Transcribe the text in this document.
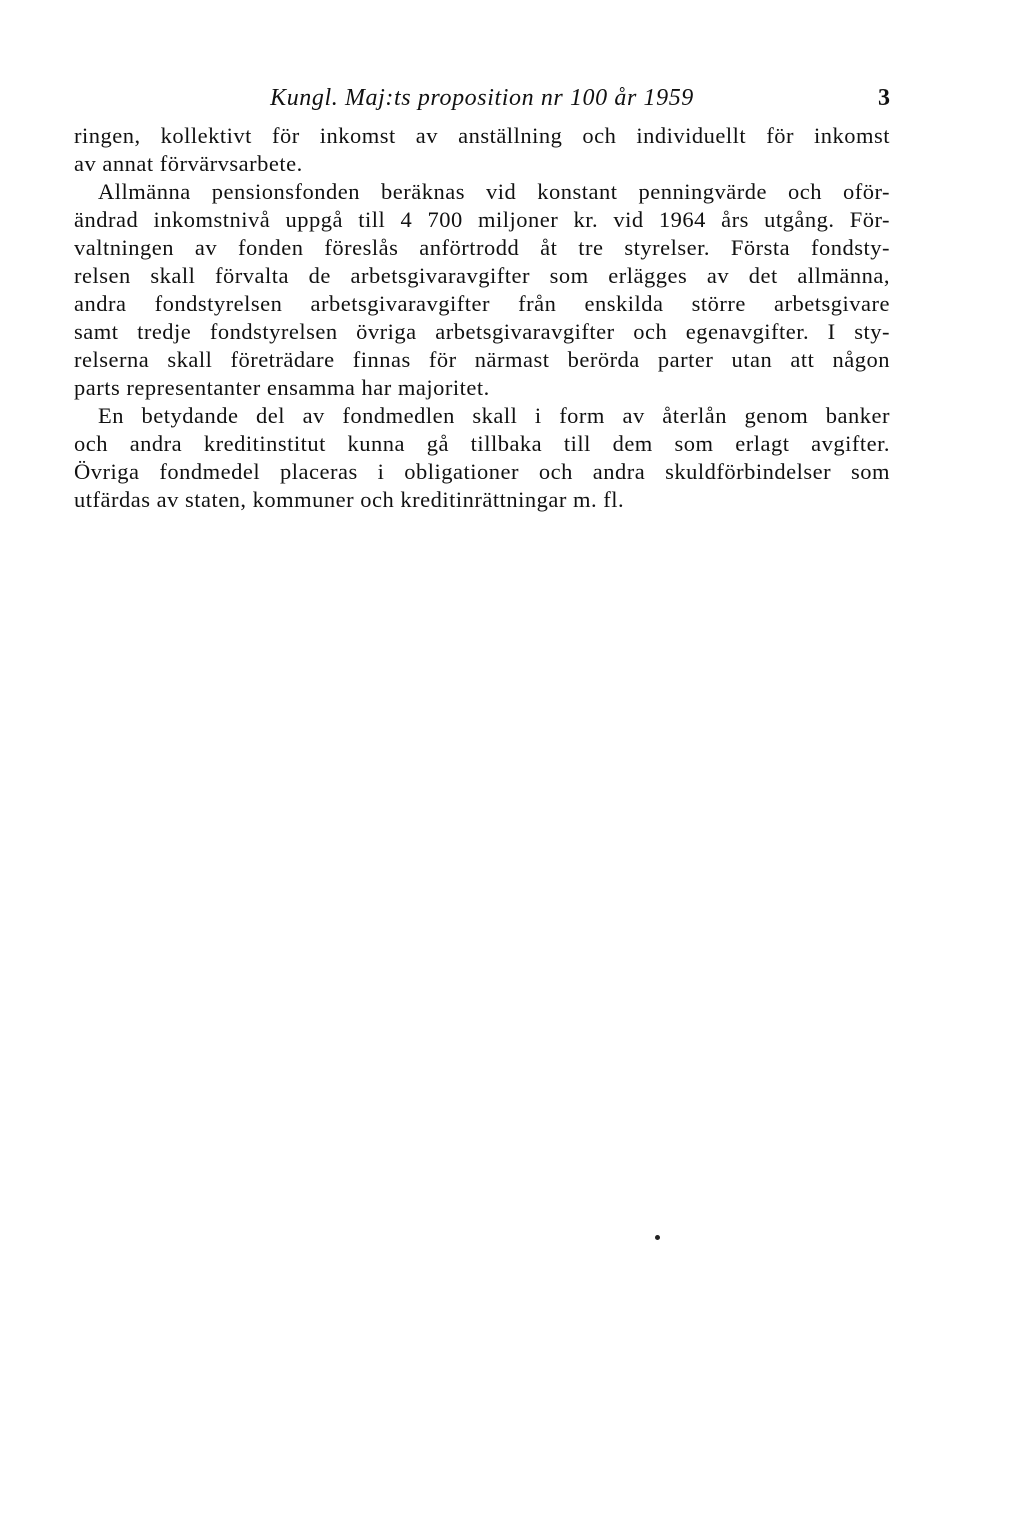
Kungl. Maj:ts proposition nr 100 år 1959	3
ringen, kollektivt för inkomst av anställning och individuellt för inkomst
av annat förvärvsarbete.
Allmänna pensionsfonden beräknas vid konstant penningvärde och oför-
ändrad inkomstnivå uppgå till 4 700 miljoner kr. vid 1964 års utgång. För-
valtningen av fonden föreslås anförtrodd åt tre styrelser. Första fondsty-
relsen skall förvalta de arbetsgivaravgifter som erlägges av det allmänna,
andra fondstyrelsen arbetsgivaravgifter från enskilda större arbetsgivare
samt tredje fondstyrelsen övriga arbetsgivaravgifter och egenavgifter. I sty-
relserna skall företrädare finnas för närmast berörda parter utan att någon
parts representanter ensamma har majoritet.
En betydande del av fondmedlen skall i form av återlån genom banker
och andra kreditinstitut kunna gå tillbaka till dem som erlagt avgifter.
Övriga fondmedel placeras i obligationer och andra skuldförbindelser som
utfärdas av staten, kommuner och kreditinrättningar m. fl.
